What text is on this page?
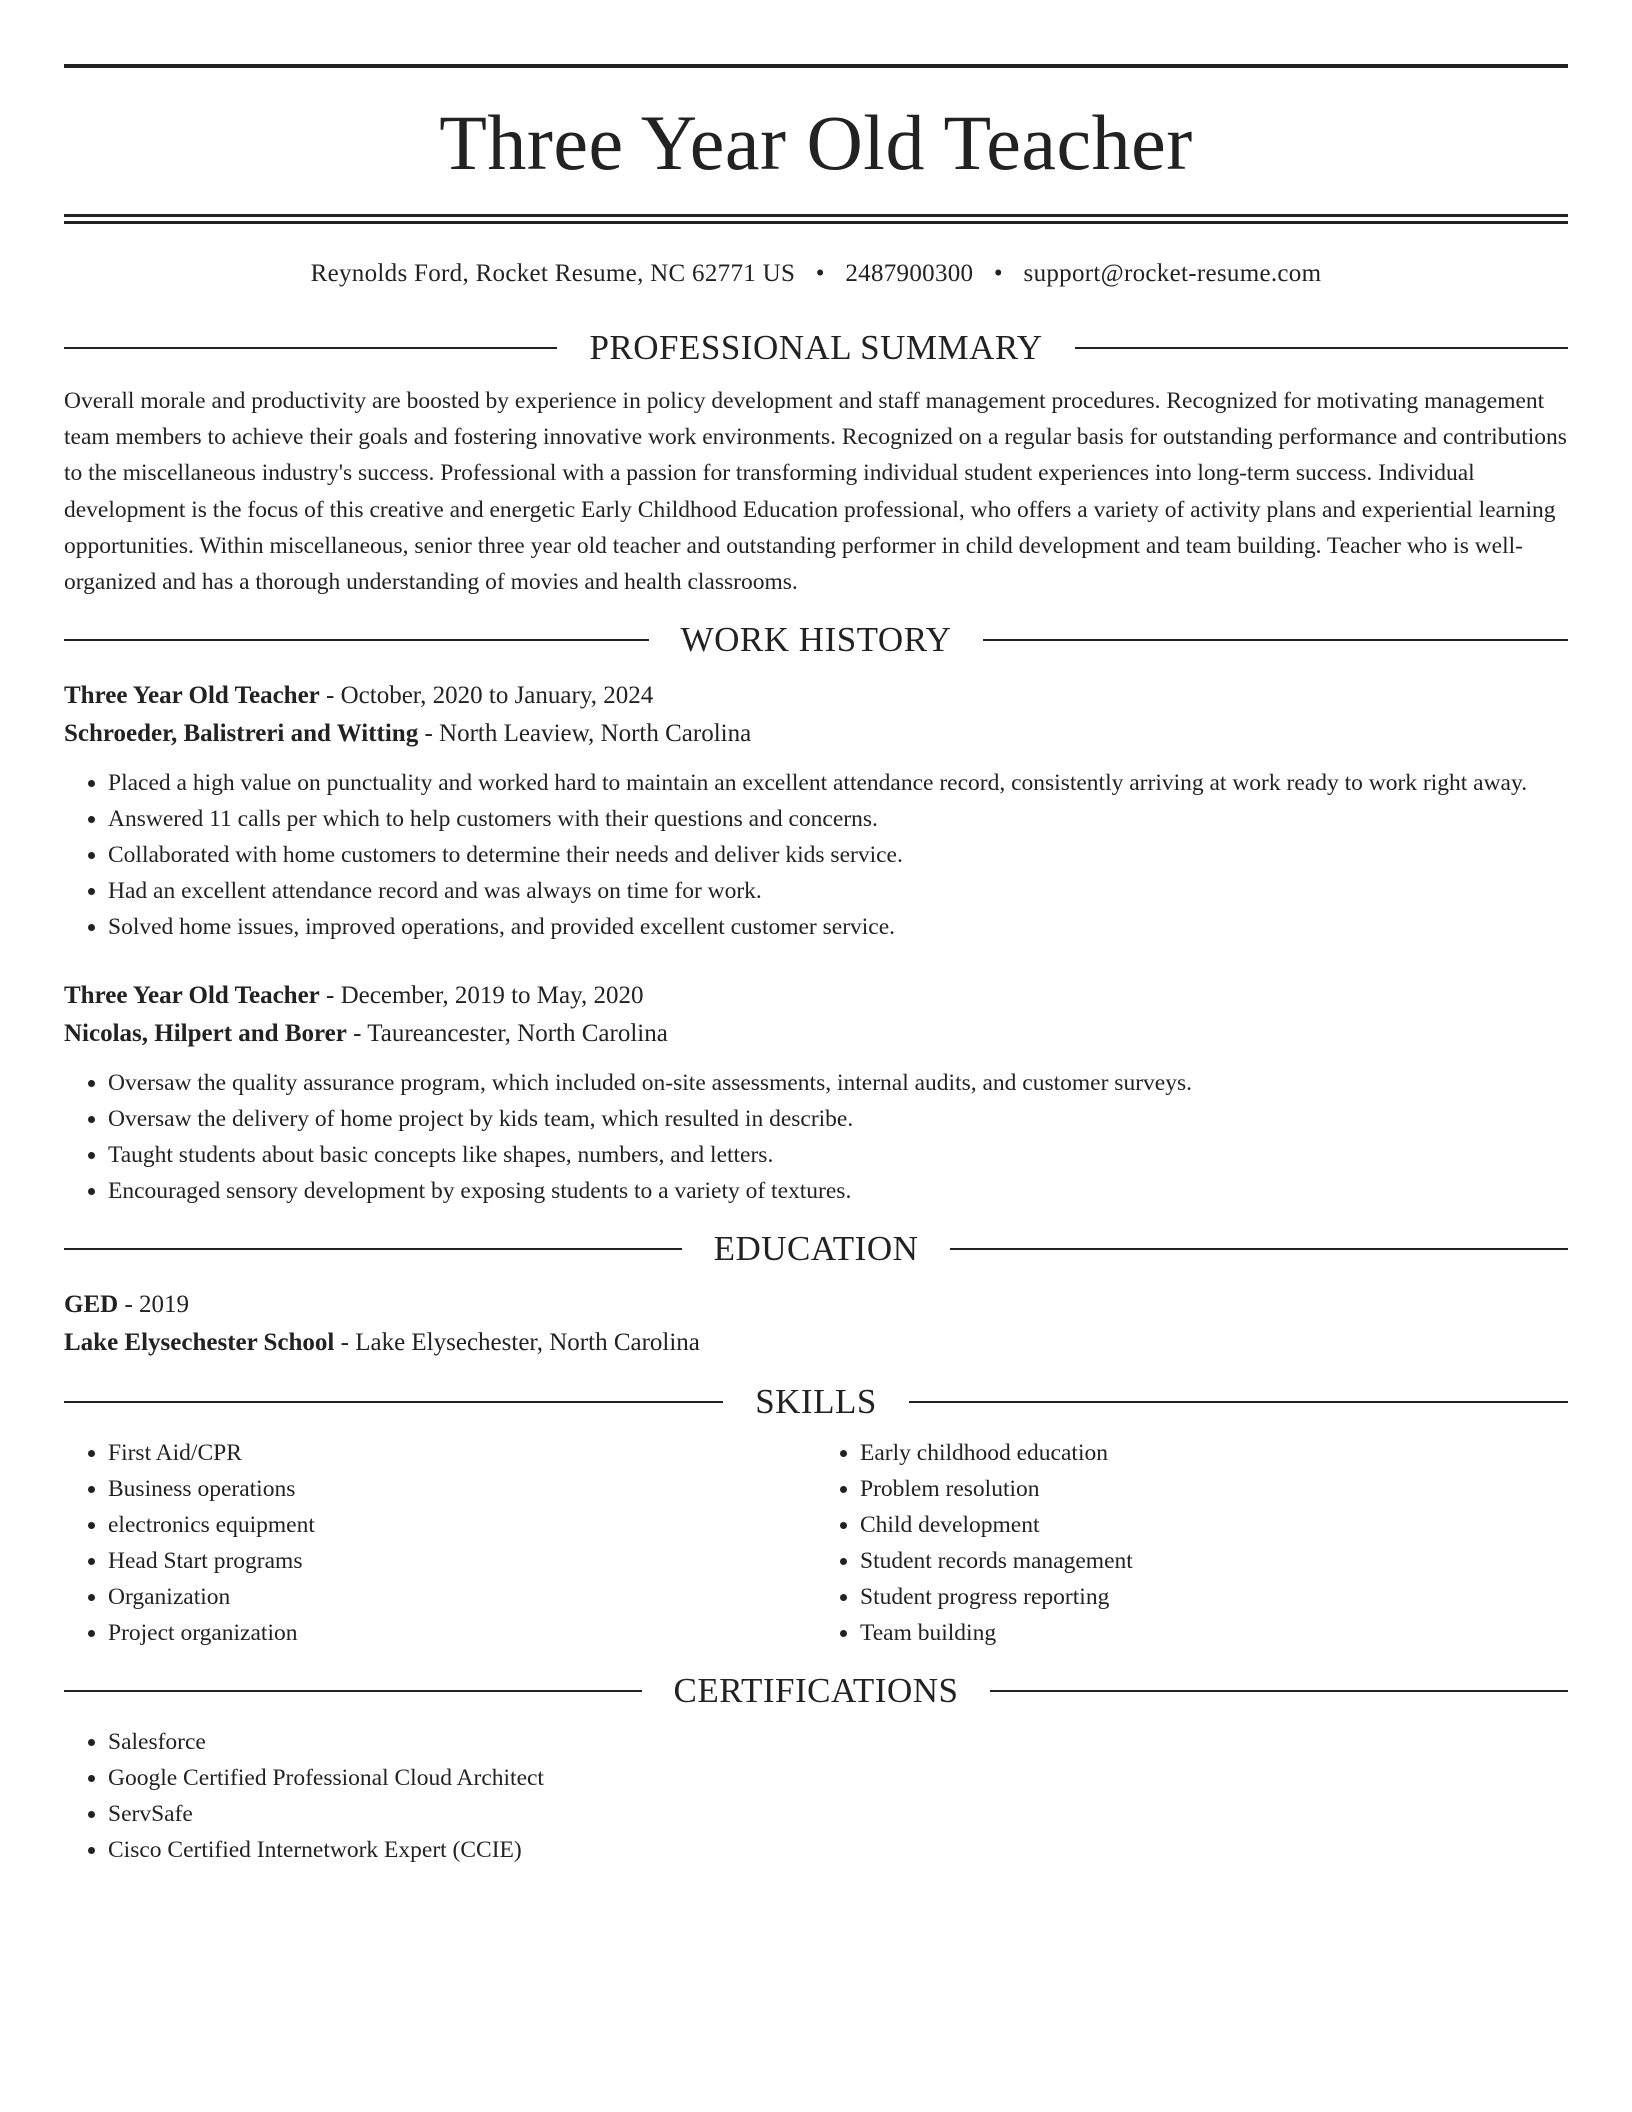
Three Year Old Teacher
Reynolds Ford, Rocket Resume, NC 62771 US • 2487900300 • support@rocket-resume.com
PROFESSIONAL SUMMARY

Overall morale and productivity are boosted by experience in policy development and staff management procedures. Recognized for motivating management team members to achieve their goals and fostering innovative work environments. Recognized on a regular basis for outstanding performance and contributions to the miscellaneous industry's success. Professional with a passion for transforming individual student experiences into long-term success. Individual development is the focus of this creative and energetic Early Childhood Education professional, who offers a variety of activity plans and experiential learning opportunities. Within miscellaneous, senior three year old teacher and outstanding performer in child development and team building. Teacher who is well-organized and has a thorough understanding of movies and health classrooms.

WORK HISTORY
Three Year Old Teacher - October, 2020 to January, 2024
Schroeder, Balistreri and Witting - North Leaview, North Carolina
• Placed a high value on punctuality and worked hard to maintain an excellent attendance record, consistently arriving at work ready to work right away.
• Answered 11 calls per which to help customers with their questions and concerns.
• Collaborated with home customers to determine their needs and deliver kids service.
• Had an excellent attendance record and was always on time for work.
• Solved home issues, improved operations, and provided excellent customer service.
Three Year Old Teacher - December, 2019 to May, 2020
Nicolas, Hilpert and Borer - Taureancester, North Carolina
• Oversaw the quality assurance program, which included on-site assessments, internal audits, and customer surveys.
• Oversaw the delivery of home project by kids team, which resulted in describe.
• Taught students about basic concepts like shapes, numbers, and letters.
• Encouraged sensory development by exposing students to a variety of textures.
EDUCATION
GED - 2019
Lake Elysechester School - Lake Elysechester, North Carolina
SKILLS
• First Aid/CPR
• Business operations
• electronics equipment
• Head Start programs
• Organization
• Project organization
• Early childhood education
• Problem resolution
• Child development
• Student records management
• Student progress reporting
• Team building
CERTIFICATIONS
• Salesforce
• Google Certified Professional Cloud Architect
• ServSafe
• Cisco Certified Internetwork Expert (CCIE)
